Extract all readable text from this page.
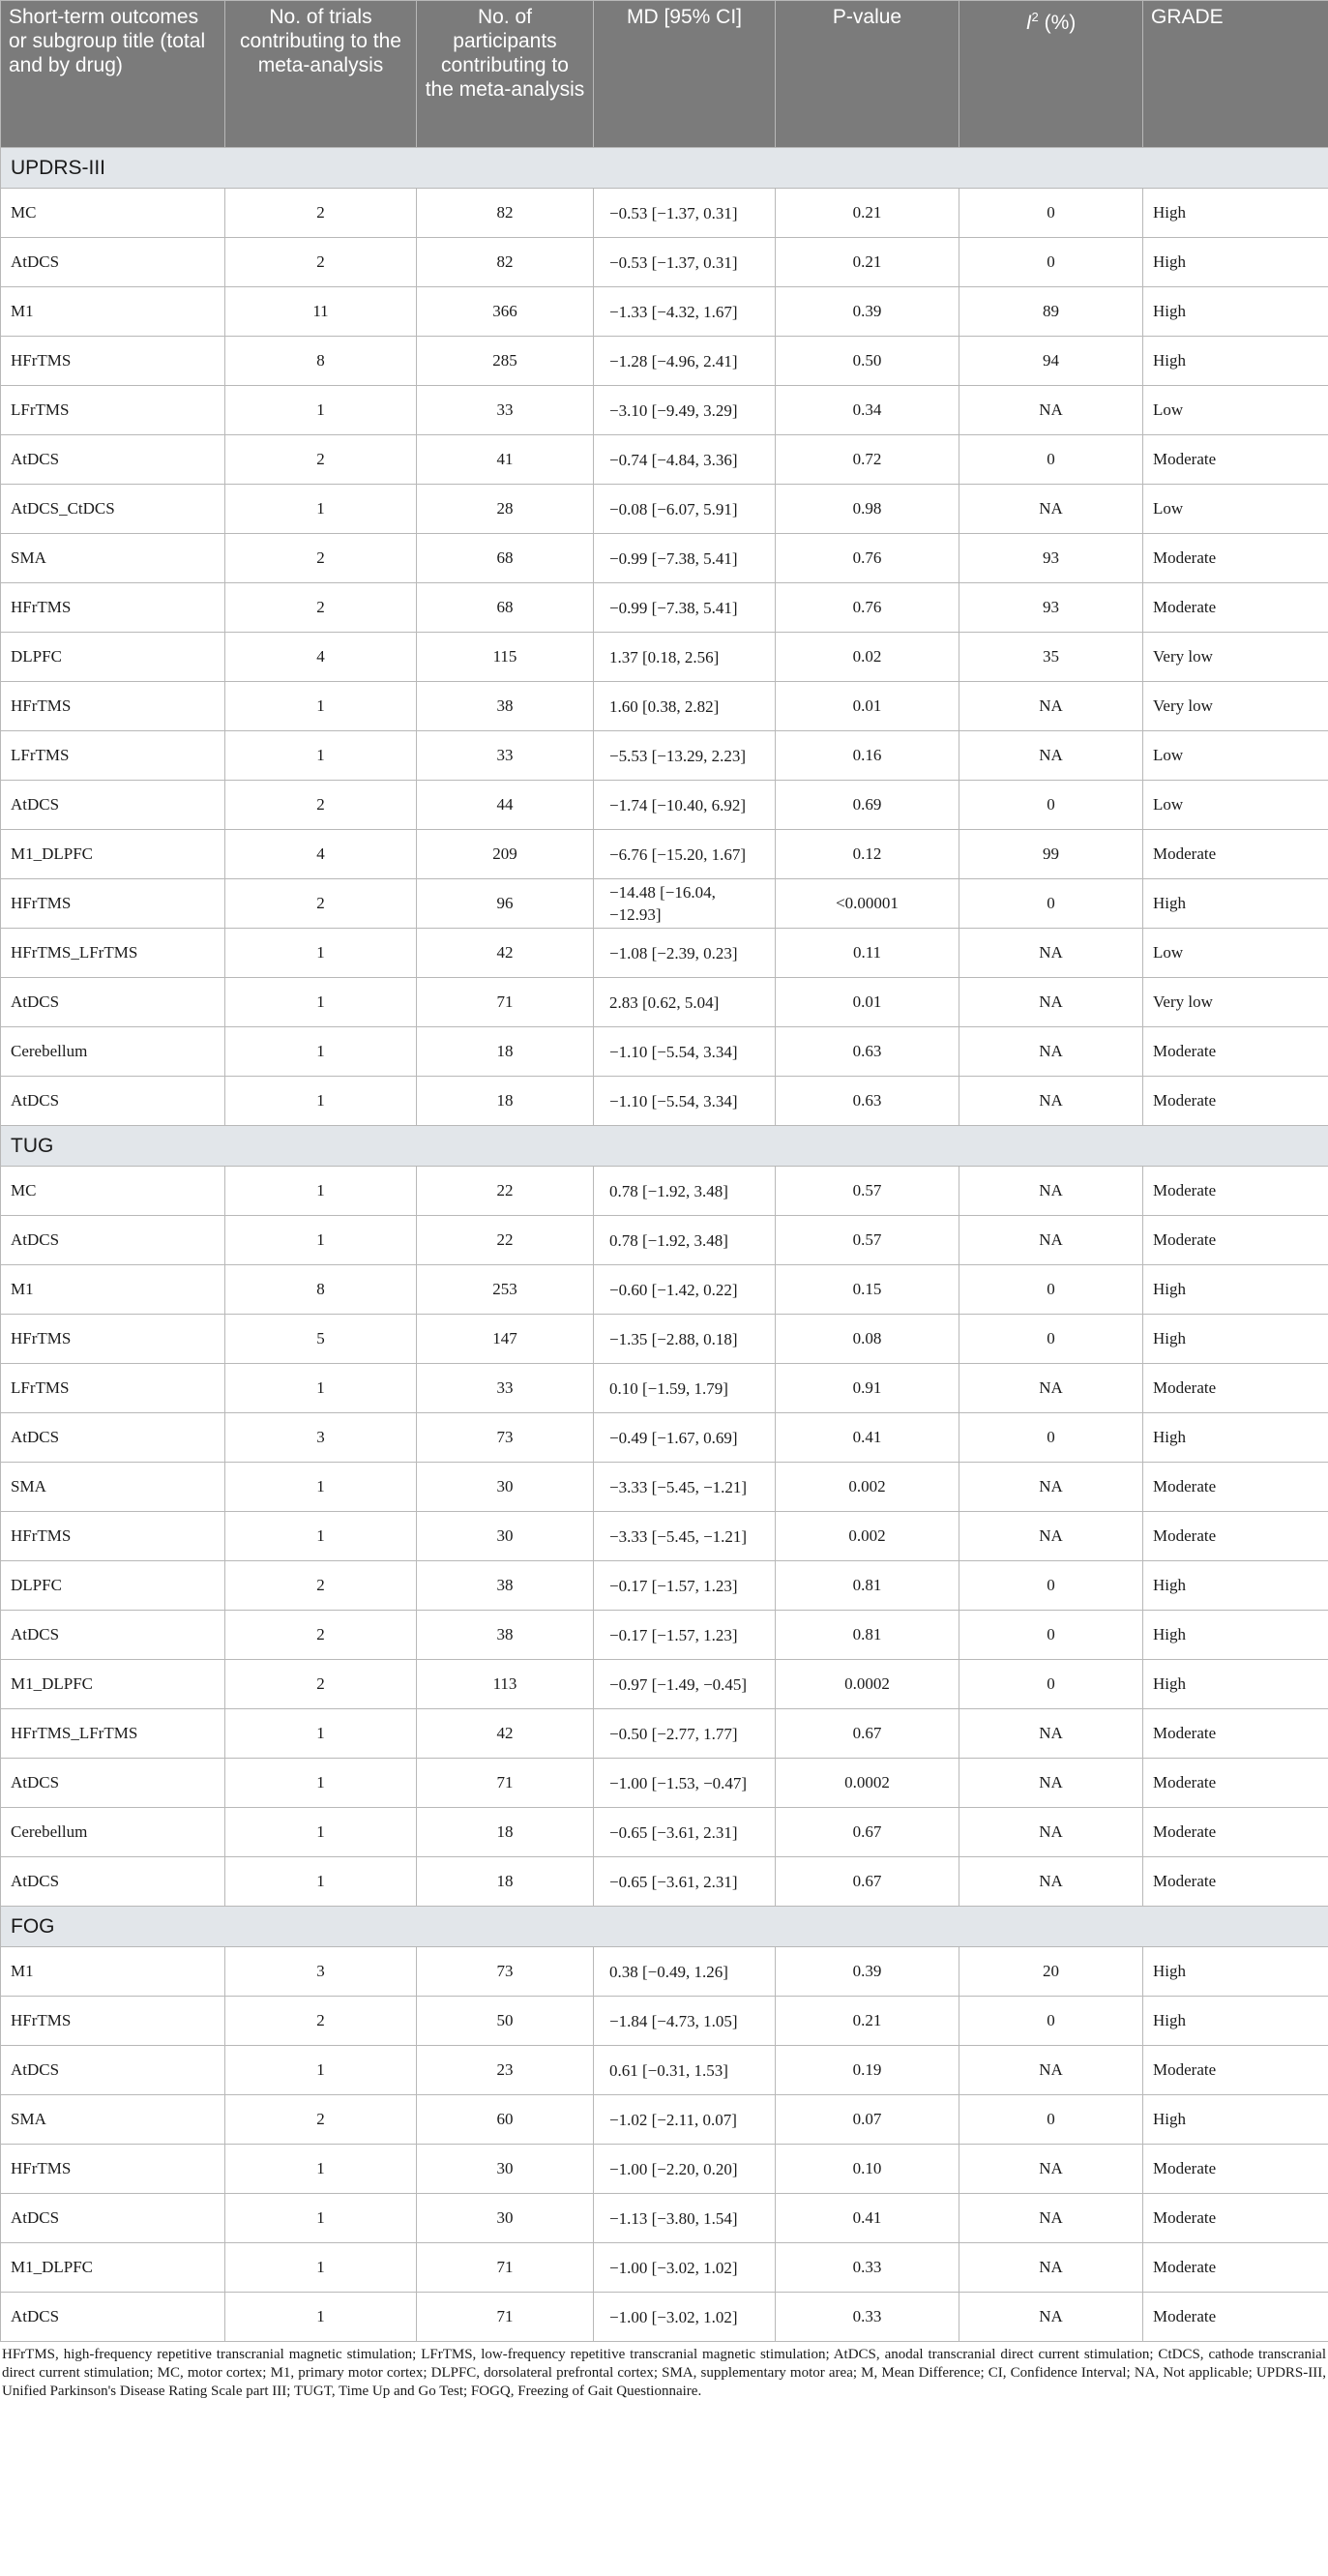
Short-term outcomes or subgroup title (total and by drug)	No. of trials contributing to the meta-analysis	No. of participants contributing to the meta-analysis	MD [95% CI]	P-value	$I^2$ (%)	GRADE
UPDRS-III						
MC	2	82	−0.53 [−1.37, 0.31]	0.21	0	High
AtDCS	2	82	−0.53 [−1.37, 0.31]	0.21	0	High
M1	11	366	−1.33 [−4.32, 1.67]	0.39	89	High
HFrTMS	8	285	−1.28 [−4.96, 2.41]	0.50	94	High
LFrTMS	1	33	−3.10 [−9.49, 3.29]	0.34	NA	Low
AtDCS	2	41	−0.74 [−4.84, 3.36]	0.72	0	Moderate
AtDCS_CtDCS	1	28	−0.08 [−6.07, 5.91]	0.98	NA	Low
SMA	2	68	−0.99 [−7.38, 5.41]	0.76	93	Moderate
HFrTMS	2	68	−0.99 [−7.38, 5.41]	0.76	93	Moderate
DLPFC	4	115	1.37 [0.18, 2.56]	0.02	35	Very low
HFrTMS	1	38	1.60 [0.38, 2.82]	0.01	NA	Very low
LFrTMS	1	33	−5.53 [−13.29, 2.23]	0.16	NA	Low
AtDCS	2	44	−1.74 [−10.40, 6.92]	0.69	0	Low
M1_DLPFC	4	209	−6.76 [−15.20, 1.67]	0.12	99	Moderate
HFrTMS	2	96	−14.48 [−16.04, −12.93]	<0.00001	0	High
HFrTMS_LFrTMS	1	42	−1.08 [−2.39, 0.23]	0.11	NA	Low
AtDCS	1	71	2.83 [0.62, 5.04]	0.01	NA	Very low
Cerebellum	1	18	−1.10 [−5.54, 3.34]	0.63	NA	Moderate
AtDCS	1	18	−1.10 [−5.54, 3.34]	0.63	NA	Moderate
TUG						
MC	1	22	0.78 [−1.92, 3.48]	0.57	NA	Moderate
AtDCS	1	22	0.78 [−1.92, 3.48]	0.57	NA	Moderate
M1	8	253	−0.60 [−1.42, 0.22]	0.15	0	High
HFrTMS	5	147	−1.35 [−2.88, 0.18]	0.08	0	High
LFrTMS	1	33	0.10 [−1.59, 1.79]	0.91	NA	Moderate
AtDCS	3	73	−0.49 [−1.67, 0.69]	0.41	0	High
SMA	1	30	−3.33 [−5.45, −1.21]	0.002	NA	Moderate
HFrTMS	1	30	−3.33 [−5.45, −1.21]	0.002	NA	Moderate
DLPFC	2	38	−0.17 [−1.57, 1.23]	0.81	0	High
AtDCS	2	38	−0.17 [−1.57, 1.23]	0.81	0	High
M1_DLPFC	2	113	−0.97 [−1.49, −0.45]	0.0002	0	High
HFrTMS_LFrTMS	1	42	−0.50 [−2.77, 1.77]	0.67	NA	Moderate
AtDCS	1	71	−1.00 [−1.53, −0.47]	0.0002	NA	Moderate
Cerebellum	1	18	−0.65 [−3.61, 2.31]	0.67	NA	Moderate
AtDCS	1	18	−0.65 [−3.61, 2.31]	0.67	NA	Moderate
FOG						
M1	3	73	0.38 [−0.49, 1.26]	0.39	20	High
HFrTMS	2	50	−1.84 [−4.73, 1.05]	0.21	0	High
AtDCS	1	23	0.61 [−0.31, 1.53]	0.19	NA	Moderate
SMA	2	60	−1.02 [−2.11, 0.07]	0.07	0	High
HFrTMS	1	30	−1.00 [−2.20, 0.20]	0.10	NA	Moderate
AtDCS	1	30	−1.13 [−3.80, 1.54]	0.41	NA	Moderate
M1_DLPFC	1	71	−1.00 [−3.02, 1.02]	0.33	NA	Moderate
AtDCS	1	71	−1.00 [−3.02, 1.02]	0.33	NA	Moderate
HFrTMS, high-frequency repetitive transcranial magnetic stimulation; LFrTMS, low-frequency repetitive transcranial magnetic stimulation; AtDCS, anodal transcranial direct current stimulation; CtDCS, cathode transcranial direct current stimulation; MC, motor cortex; M1, primary motor cortex; DLPFC, dorsolateral prefrontal cortex; SMA, supplementary motor area; M, Mean Difference; CI, Confidence Interval; NA, Not applicable; UPDRS-III, Unified Parkinson's Disease Rating Scale part III; TUGT, Time Up and Go Test; FOGQ, Freezing of Gait Questionnaire.
